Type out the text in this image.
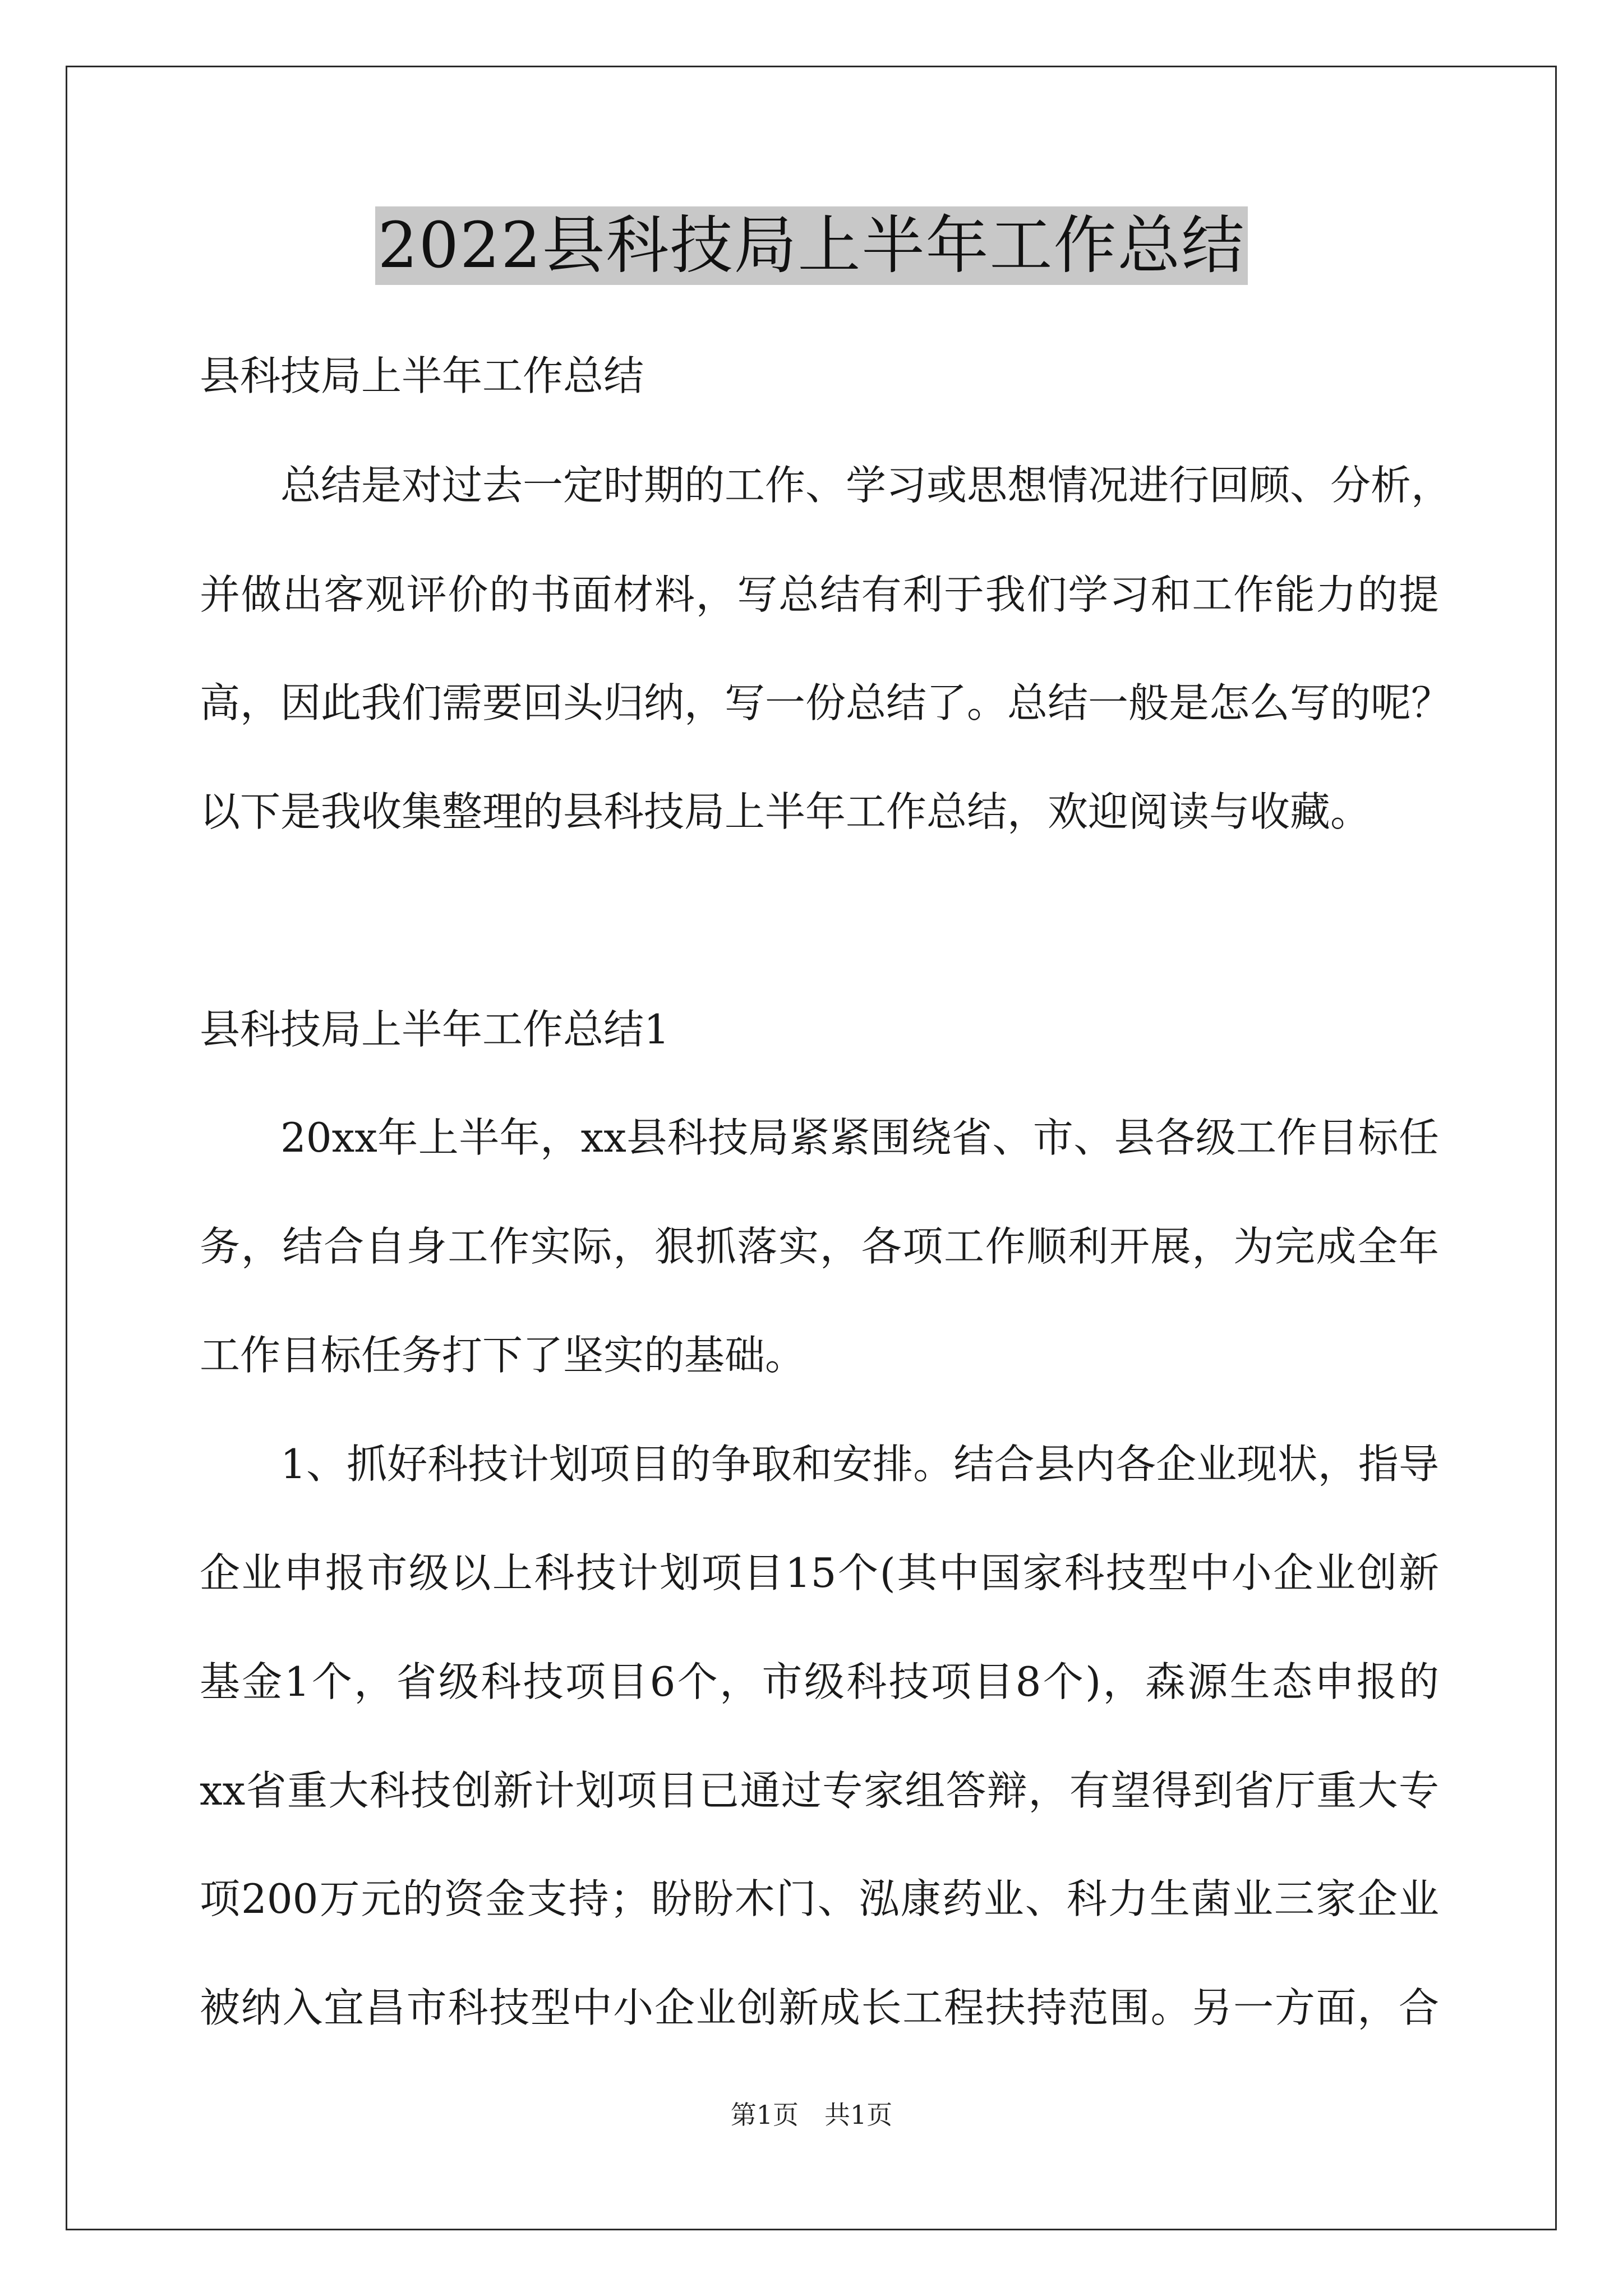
2022县科技局上半年工作总结
县科技局上半年工作总结
总结是对过去一定时期的工作、学习或思想情况进行回顾、分析，
并做出客观评价的书面材料，写总结有利于我们学习和工作能力的提
高，因此我们需要回头归纳，写一份总结了。总结一般是怎么写的呢？
以下是我收集整理的县科技局上半年工作总结，欢迎阅读与收藏。
县科技局上半年工作总结1
20xx年上半年，xx县科技局紧紧围绕省、市、县各级工作目标任
务，结合自身工作实际，狠抓落实，各项工作顺利开展，为完成全年
工作目标任务打下了坚实的基础。
1、抓好科技计划项目的争取和安排。结合县内各企业现状，指导
企业申报市级以上科技计划项目15个(其中国家科技型中小企业创新
基金1个，省级科技项目6个，市级科技项目8个)，森源生态申报的
xx省重大科技创新计划项目已通过专家组答辩，有望得到省厅重大专
项200万元的资金支持；盼盼木门、泓康药业、科力生菌业三家企业
被纳入宜昌市科技型中小企业创新成长工程扶持范围。另一方面，合
第1页　共1页
